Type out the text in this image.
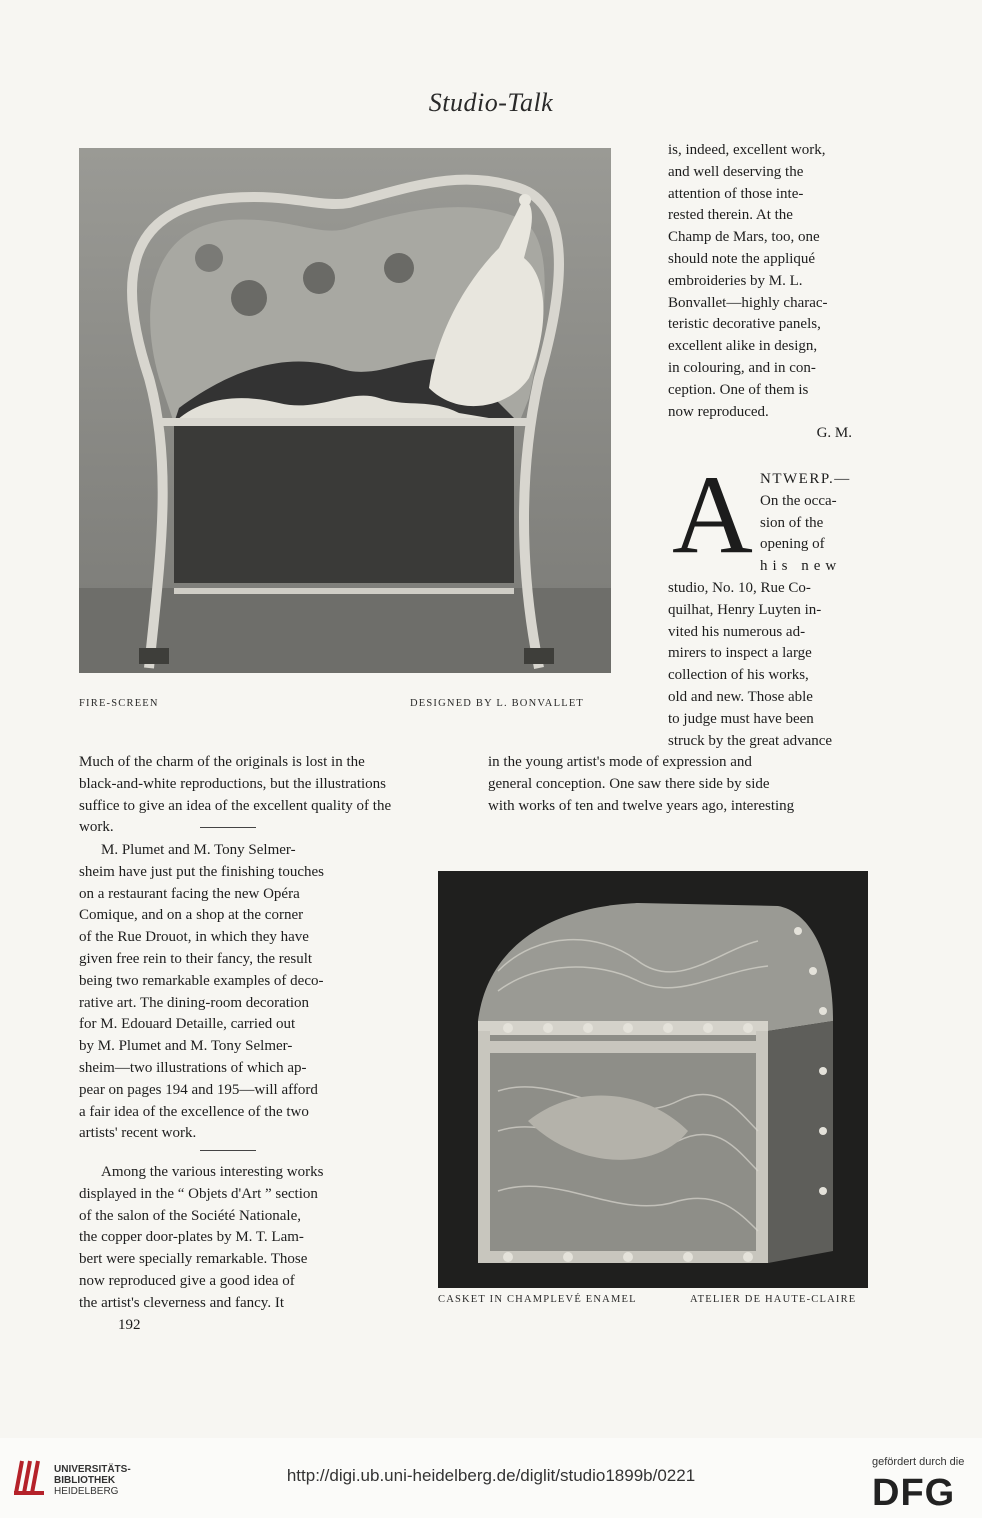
Studio-Talk
FIRE-SCREEN	DESIGNED BY L. BONVALLET
is, indeed, excellent work,
and well deserving the
attention of those inte-
rested therein. At the
Champ de Mars, too, one
should note the appliqué
embroideries by M. L.
Bonvallet—highly charac-
teristic decorative panels,
excellent alike in design,
in colouring, and in con-
ception. One of them is
now reproduced.
G. M.
A NTWERP.—
On the occa-
sion of the
opening of
his new
studio, No. 10, Rue Co-
quilhat, Henry Luyten in-
vited his numerous ad-
mirers to inspect a large
collection of his works,
old and new. Those able
to judge must have been
struck by the great advance
in the young artist's mode of expression and
general conception. One saw there side by side
with works of ten and twelve years ago, interesting
Much of the charm of the originals is lost in the
black-and-white reproductions, but the illustrations
suffice to give an idea of the excellent quality of the
work.
M. Plumet and M. Tony Selmer-
sheim have just put the finishing touches
on a restaurant facing the new Opéra
Comique, and on a shop at the corner
of the Rue Drouot, in which they have
given free rein to their fancy, the result
being two remarkable examples of deco-
rative art. The dining-room decoration
for M. Edouard Detaille, carried out
by M. Plumet and M. Tony Selmer-
sheim—two illustrations of which ap-
pear on pages 194 and 195—will afford
a fair idea of the excellence of the two
artists' recent work.
Among the various interesting works
displayed in the “ Objets d'Art ” section
of the salon of the Société Nationale,
the copper door-plates by M. T. Lam-
bert were specially remarkable. Those
now reproduced give a good idea of
the artist's cleverness and fancy. It
192
CASKET IN CHAMPLEVÉ ENAMEL	ATELIER DE HAUTE-CLAIRE
UNIVERSITÄTS-
BIBLIOTHEK
HEIDELBERG
http://digi.ub.uni-heidelberg.de/diglit/studio1899b/0221
gefördert durch die
DFG
